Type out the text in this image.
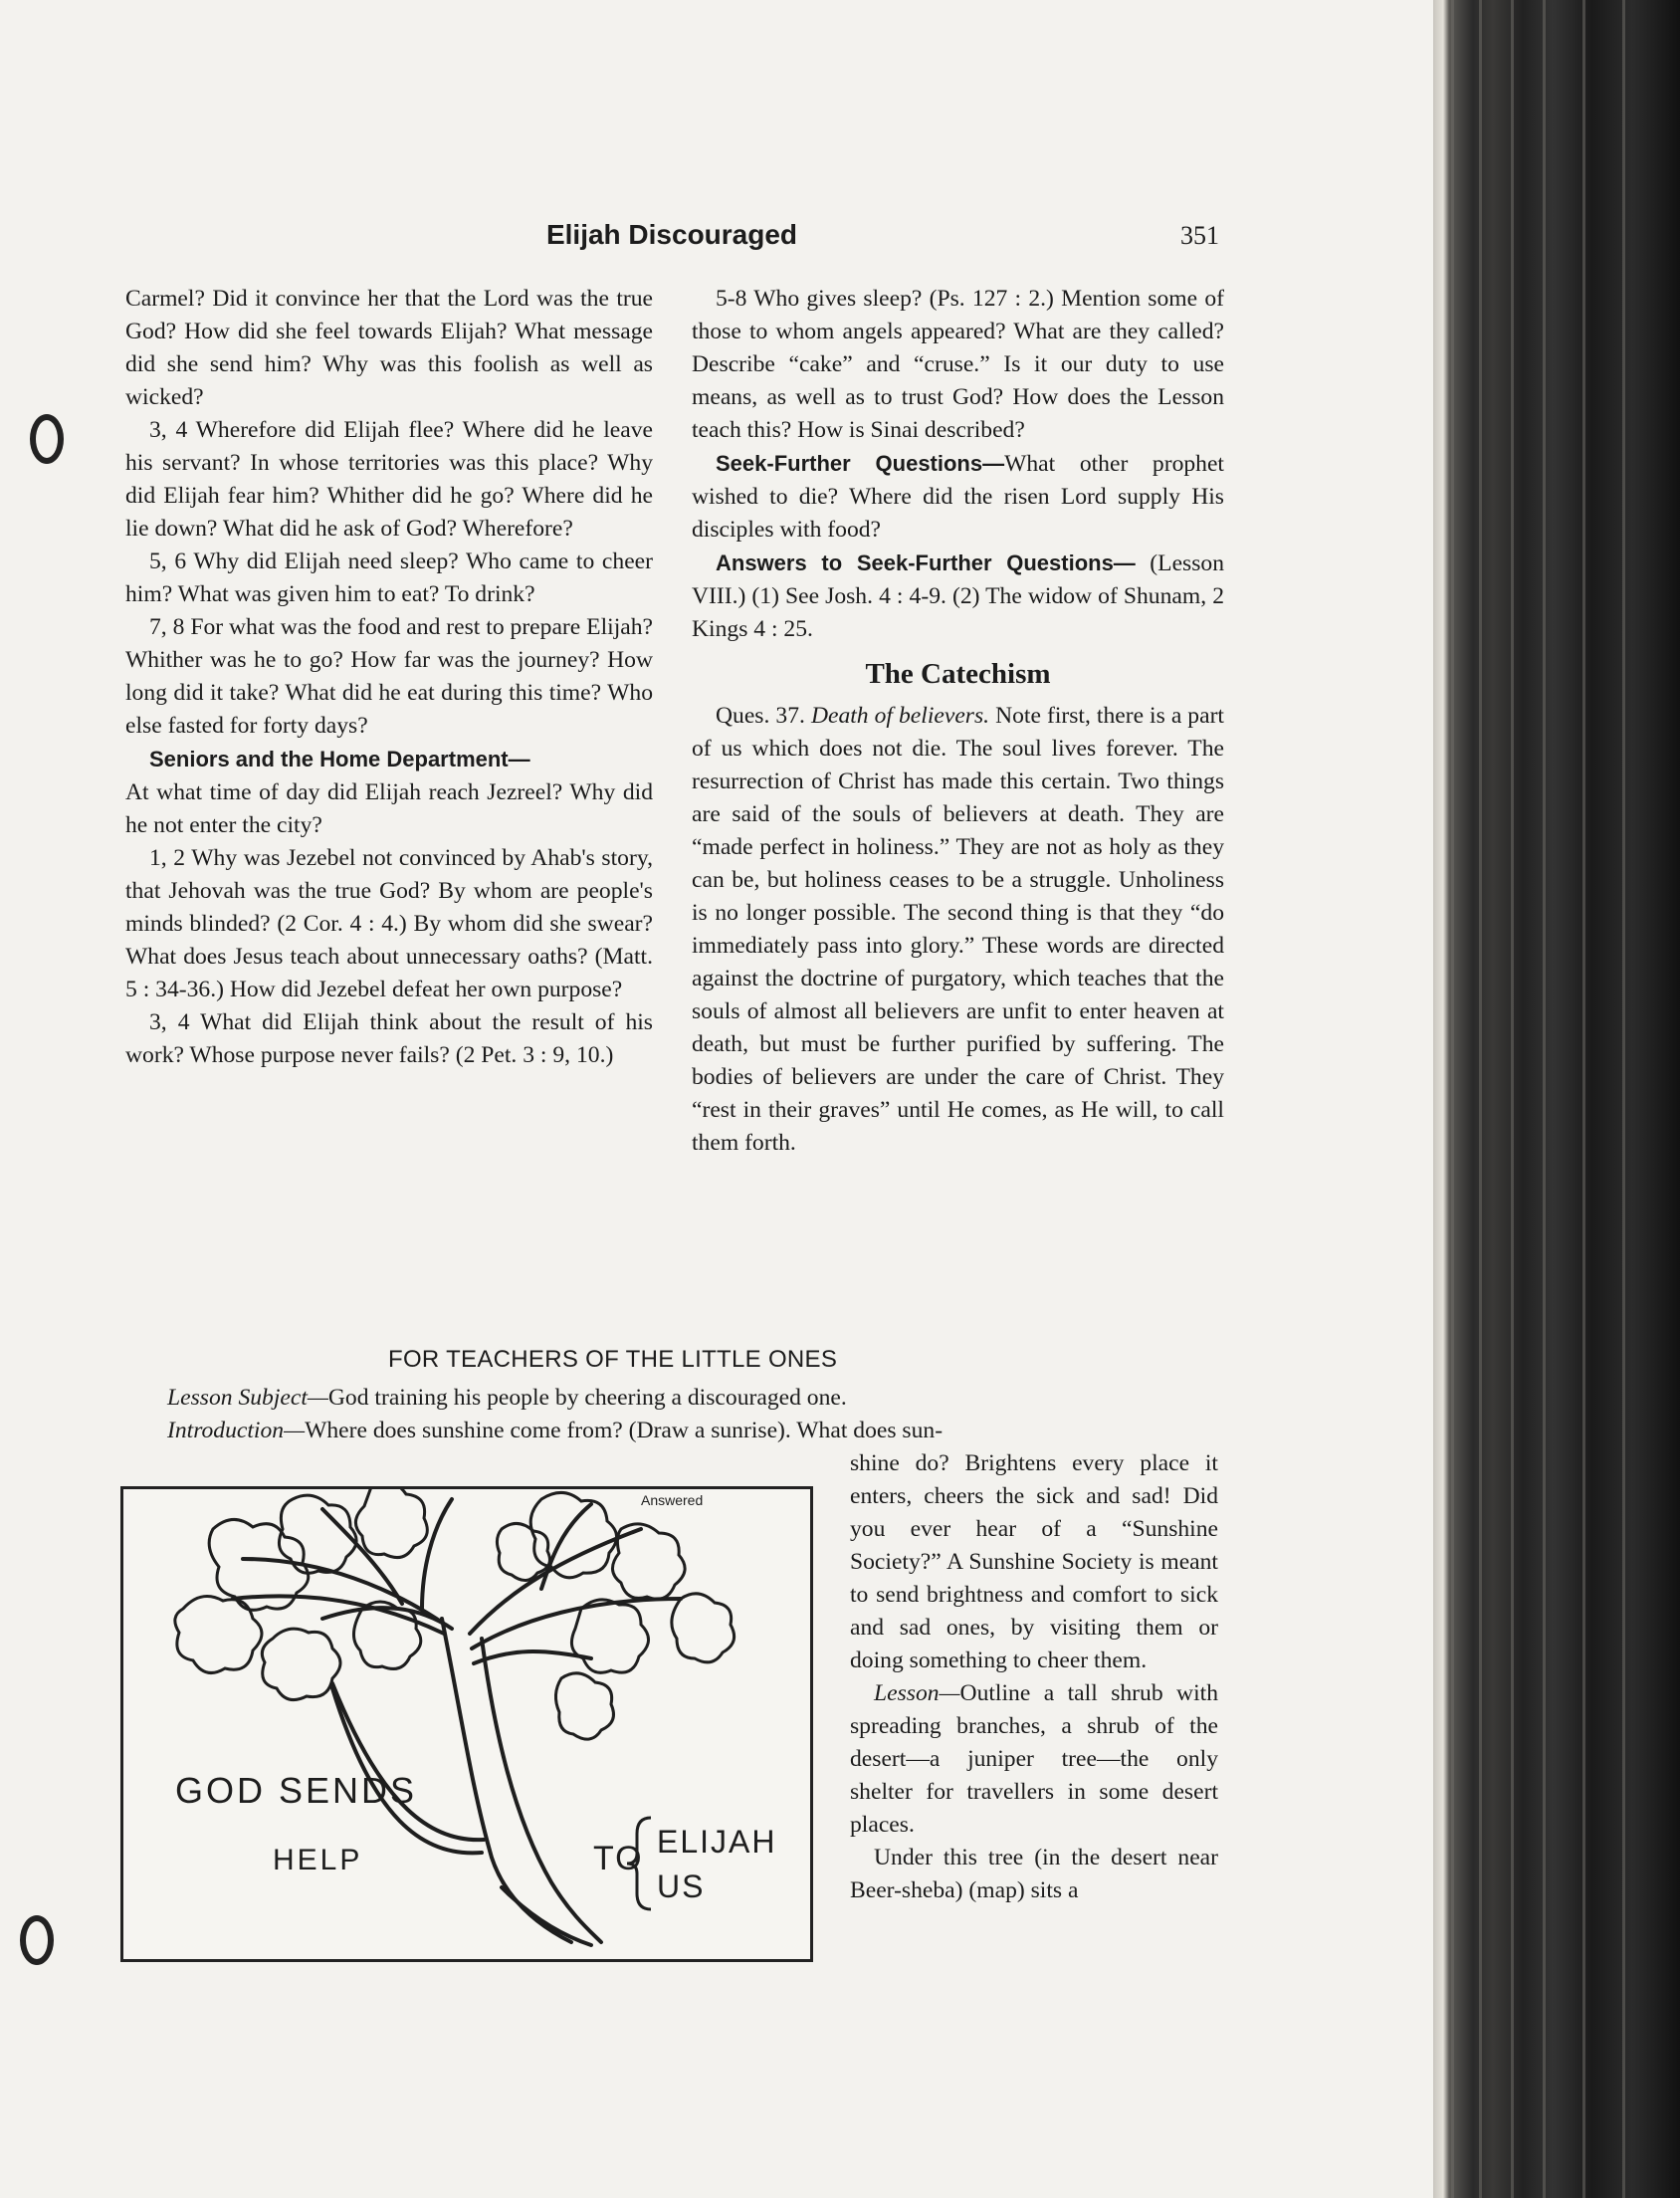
Elijah Discouraged	351

Carmel? Did it convince her that the Lord was the true God? How did she feel towards Elijah? What message did she send him? Why was this foolish as well as wicked?

3, 4 Wherefore did Elijah flee? Where did he leave his servant? In whose territories was this place? Why did Elijah fear him? Whither did he go? Where did he lie down? What did he ask of God? Wherefore?

5, 6 Why did Elijah need sleep? Who came to cheer him? What was given him to eat? To drink?

7, 8 For what was the food and rest to prepare Elijah? Whither was he to go? How far was the journey? How long did it take? What did he eat during this time? Who else fasted for forty days?

Seniors and the Home Department—

At what time of day did Elijah reach Jezreel? Why did he not enter the city?

1, 2 Why was Jezebel not convinced by Ahab's story, that Jehovah was the true God? By whom are people's minds blinded? (2 Cor. 4 : 4.) By whom did she swear? What does Jesus teach about unnecessary oaths? (Matt. 5 : 34-36.) How did Jezebel defeat her own purpose?

3, 4 What did Elijah think about the result of his work? Whose purpose never fails? (2 Pet. 3 : 9, 10.)

5-8 Who gives sleep? (Ps. 127 : 2.) Mention some of those to whom angels appeared? What are they called? Describe “cake” and “cruse.” Is it our duty to use means, as well as to trust God? How does the Lesson teach this? How is Sinai described?

Seek-Further Questions—What other prophet wished to die? Where did the risen Lord supply His disciples with food?

Answers to Seek-Further Questions— (Lesson VIII.) (1) See Josh. 4 : 4-9. (2) The widow of Shunam, 2 Kings 4 : 25.

The Catechism

Ques. 37. Death of believers. Note first, there is a part of us which does not die. The soul lives forever. The resurrection of Christ has made this certain. Two things are said of the souls of believers at death. They are “made perfect in holiness.” They are not as holy as they can be, but holiness ceases to be a struggle. Unholiness is no longer possible. The second thing is that they “do immediately pass into glory.” These words are directed against the doctrine of purgatory, which teaches that the souls of almost all believers are unfit to enter heaven at death, but must be further purified by suffering. The bodies of believers are under the care of Christ. They “rest in their graves” until He comes, as He will, to call them forth.

FOR TEACHERS OF THE LITTLE ONES
Lesson Subject—God training his people by cheering a discouraged one.
Introduction—Where does sunshine come from? (Draw a sunrise). What does sun-

shine do? Brightens every place it enters, cheers the sick and sad! Did you ever hear of a “Sunshine Society?” A Sunshine Society is meant to send brightness and comfort to sick and sad ones, by visiting them or doing something to cheer them.

Lesson—Outline a tall shrub with spreading branches, a shrub of the desert—a juniper tree—the only shelter for travellers in some desert places.

Under this tree (in the desert near Beer-sheba) (map) sits a

Answered
GOD SENDS
HELP	TO ELIJAH
US
